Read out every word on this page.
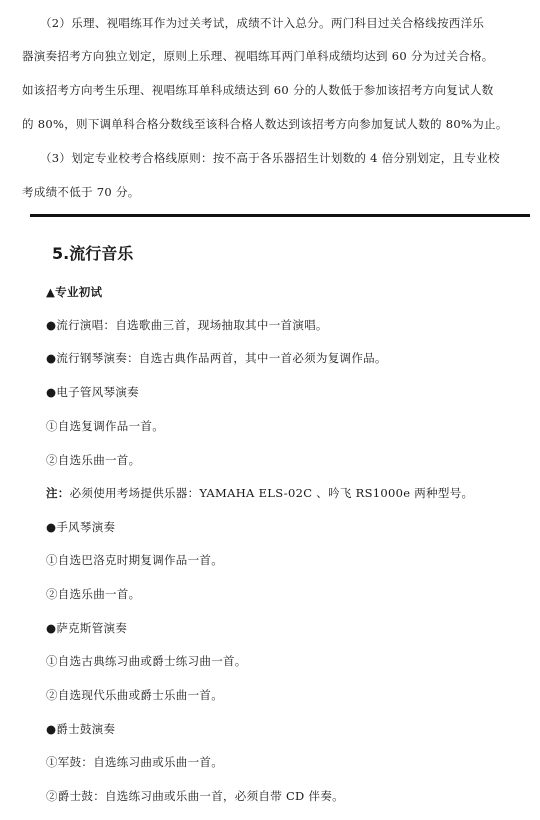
（2）乐理、视唱练耳作为过关考试，成绩不计入总分。两门科目过关合格线按西洋乐
器演奏招考方向独立划定，原则上乐理、视唱练耳两门单科成绩均达到 60 分为过关合格。
如该招考方向考生乐理、视唱练耳单科成绩达到 60 分的人数低于参加该招考方向复试人数
的 80%，则下调单科合格分数线至该科合格人数达到该招考方向参加复试人数的 80%为止。
（3）划定专业校考合格线原则：按不高于各乐器招生计划数的 4 倍分别划定，且专业校
考成绩不低于 70 分。
5.流行音乐
▲专业初试
●流行演唱：自选歌曲三首，现场抽取其中一首演唱。
●流行钢琴演奏：自选古典作品两首，其中一首必须为复调作品。
●电子管风琴演奏
①自选复调作品一首。
②自选乐曲一首。
注：必须使用考场提供乐器：YAMAHA ELS-02C 、吟飞 RS1000e 两种型号。
●手风琴演奏
①自选巴洛克时期复调作品一首。
②自选乐曲一首。
●萨克斯管演奏
①自选古典练习曲或爵士练习曲一首。
②自选现代乐曲或爵士乐曲一首。
●爵士鼓演奏
①军鼓：自选练习曲或乐曲一首。
②爵士鼓：自选练习曲或乐曲一首，必须自带 CD 伴奏。
